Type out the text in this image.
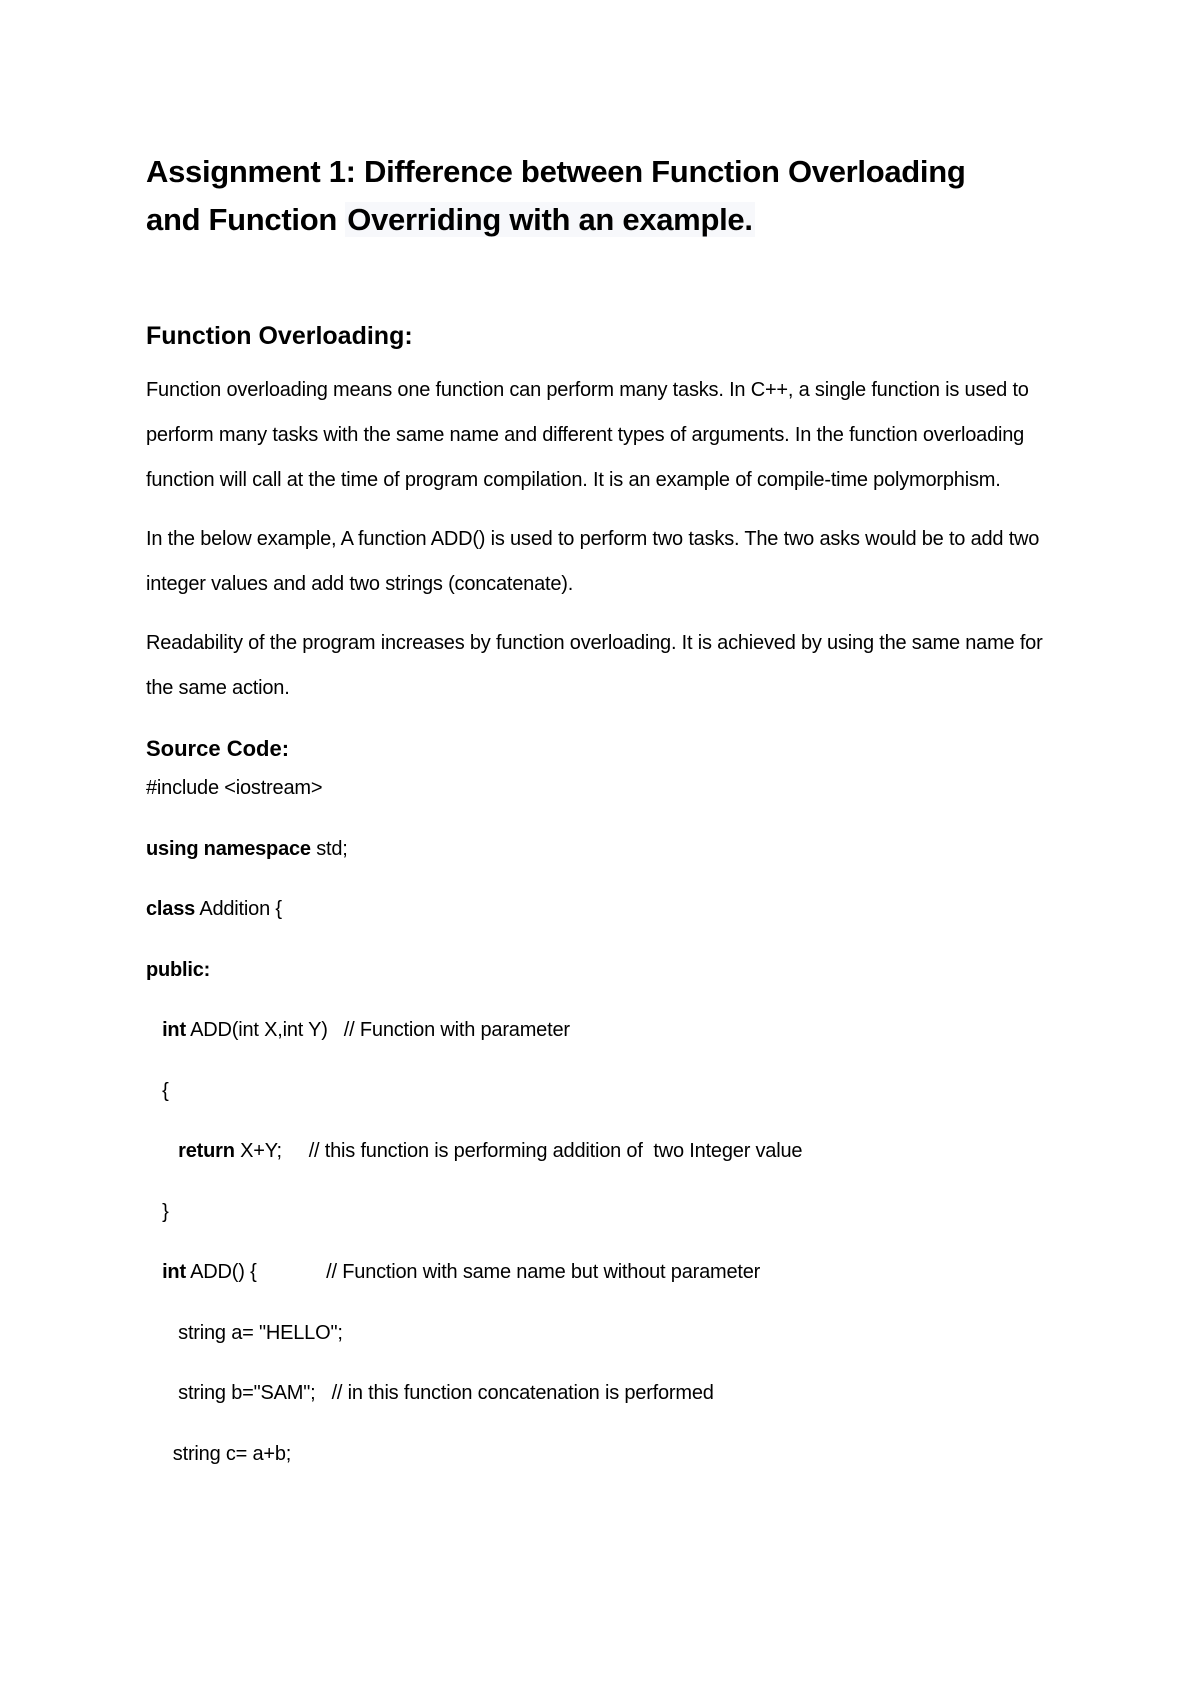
Assignment 1: Difference between Function Overloading
and Function Overriding with an example.
Function Overloading:

Function overloading means one function can perform many tasks. In C++, a single function is used to perform many tasks with the same name and different types of arguments. In the function overloading function will call at the time of program compilation. It is an example of compile-time polymorphism.

In the below example, A function ADD() is used to perform two tasks. The two asks would be to add two integer values and add two strings (concatenate).

Readability of the program increases by function overloading. It is achieved by using the same name for the same action.

Source Code:
#include <iostream>
using namespace std;
class Addition {
public:
int ADD(int X,int Y)   // Function with parameter
{
return X+Y;     // this function is performing addition of  two Integer value
}
int ADD() {             // Function with same name but without parameter
string a= "HELLO";
string b="SAM";   // in this function concatenation is performed
string c= a+b;
